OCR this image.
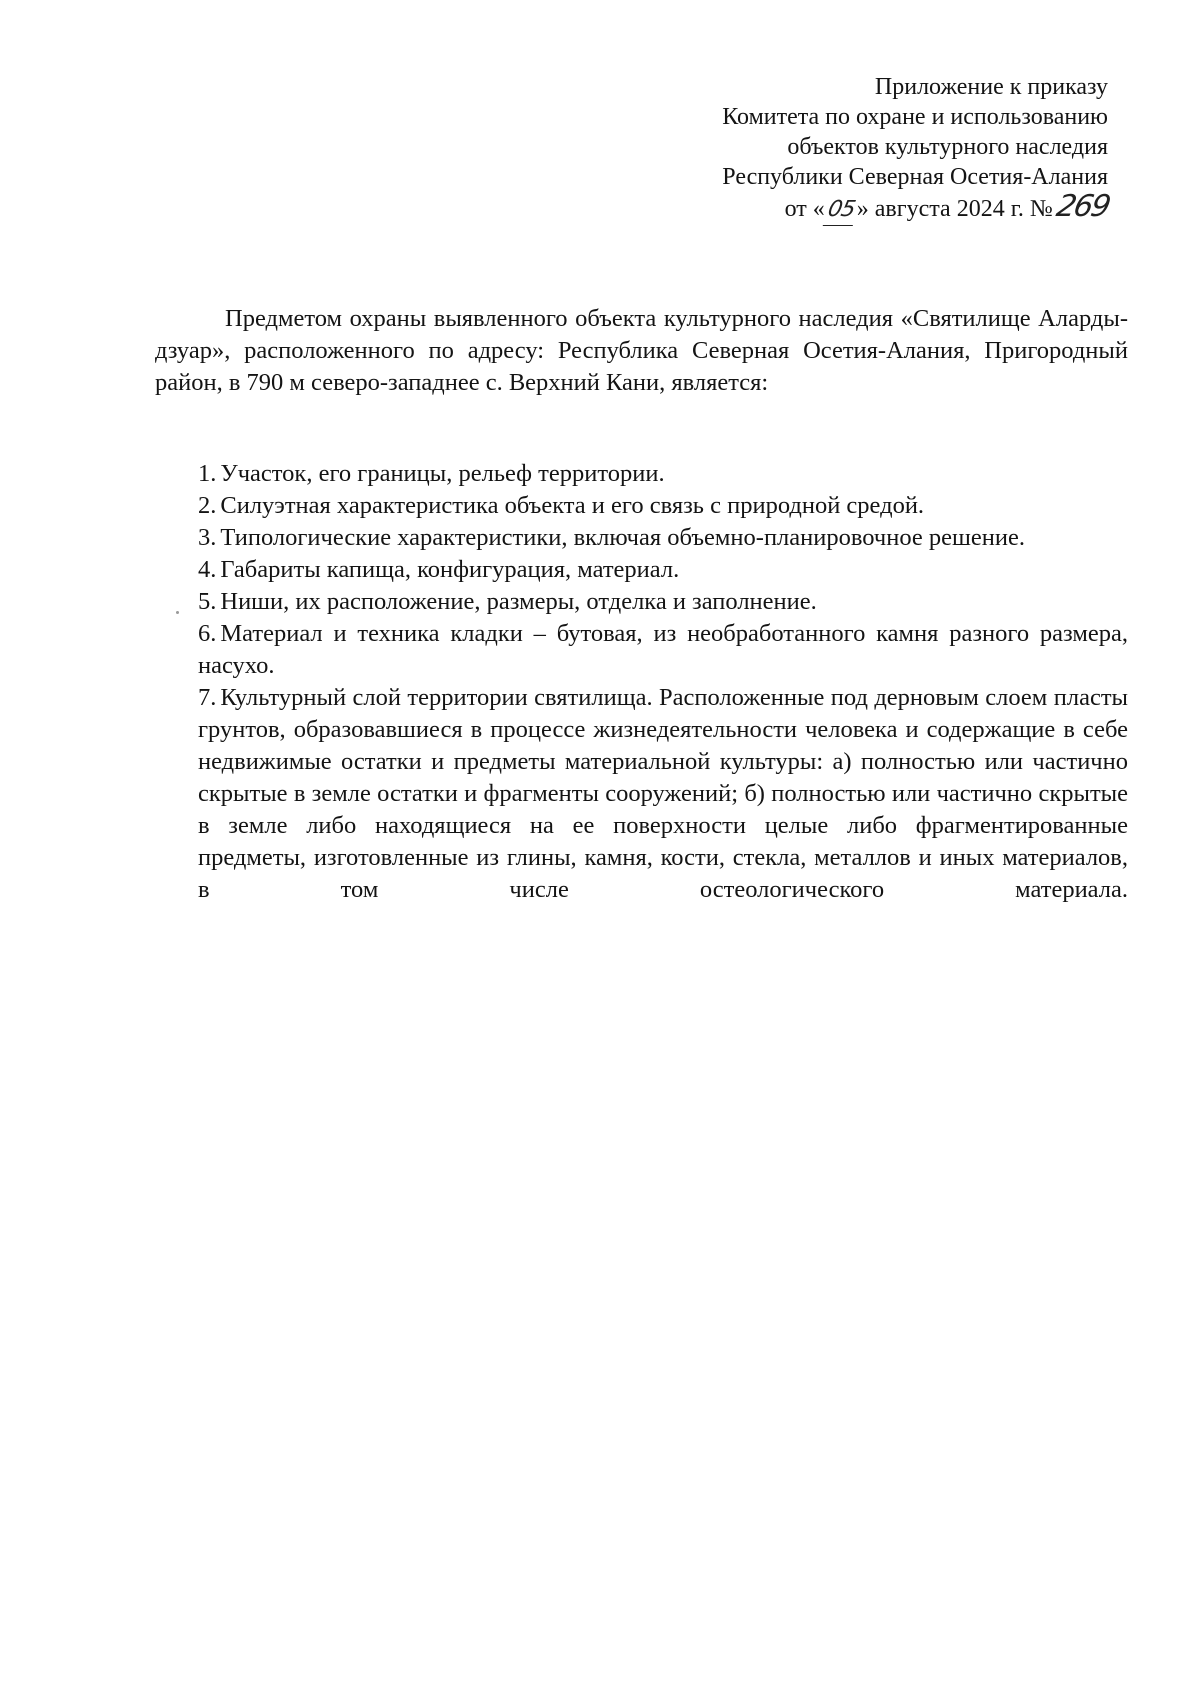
Приложение к приказу
Комитета по охране и использованию
объектов культурного наследия
Республики Северная Осетия-Алания
от «05» августа 2024 г. №269

Предметом охраны выявленного объекта культурного наследия «Святилище Аларды-дзуар», расположенного по адресу: Республика Северная Осетия-Алания, Пригородный район, в 790 м северо-западнее с. Верхний Кани, является:

1. Участок, его границы, рельеф территории.
2. Силуэтная характеристика объекта и его связь с природной средой.
3. Типологические характеристики, включая объемно-планировочное решение.
4. Габариты капища, конфигурация, материал.
5. Ниши, их расположение, размеры, отделка и заполнение.
6. Материал и техника кладки – бутовая, из необработанного камня разного размера, насухо.
7. Культурный слой территории святилища. Расположенные под дерновым слоем пласты грунтов, образовавшиеся в процессе жизнедеятельности человека и содержащие в себе недвижимые остатки и предметы материальной культуры: а) полностью или частично скрытые в земле остатки и фрагменты сооружений; б) полностью или частично скрытые в земле либо находящиеся на ее поверхности целые либо фрагментированные предметы, изготовленные из глины, камня, кости, стекла, металлов и иных материалов, в том числе остеологического материала.
